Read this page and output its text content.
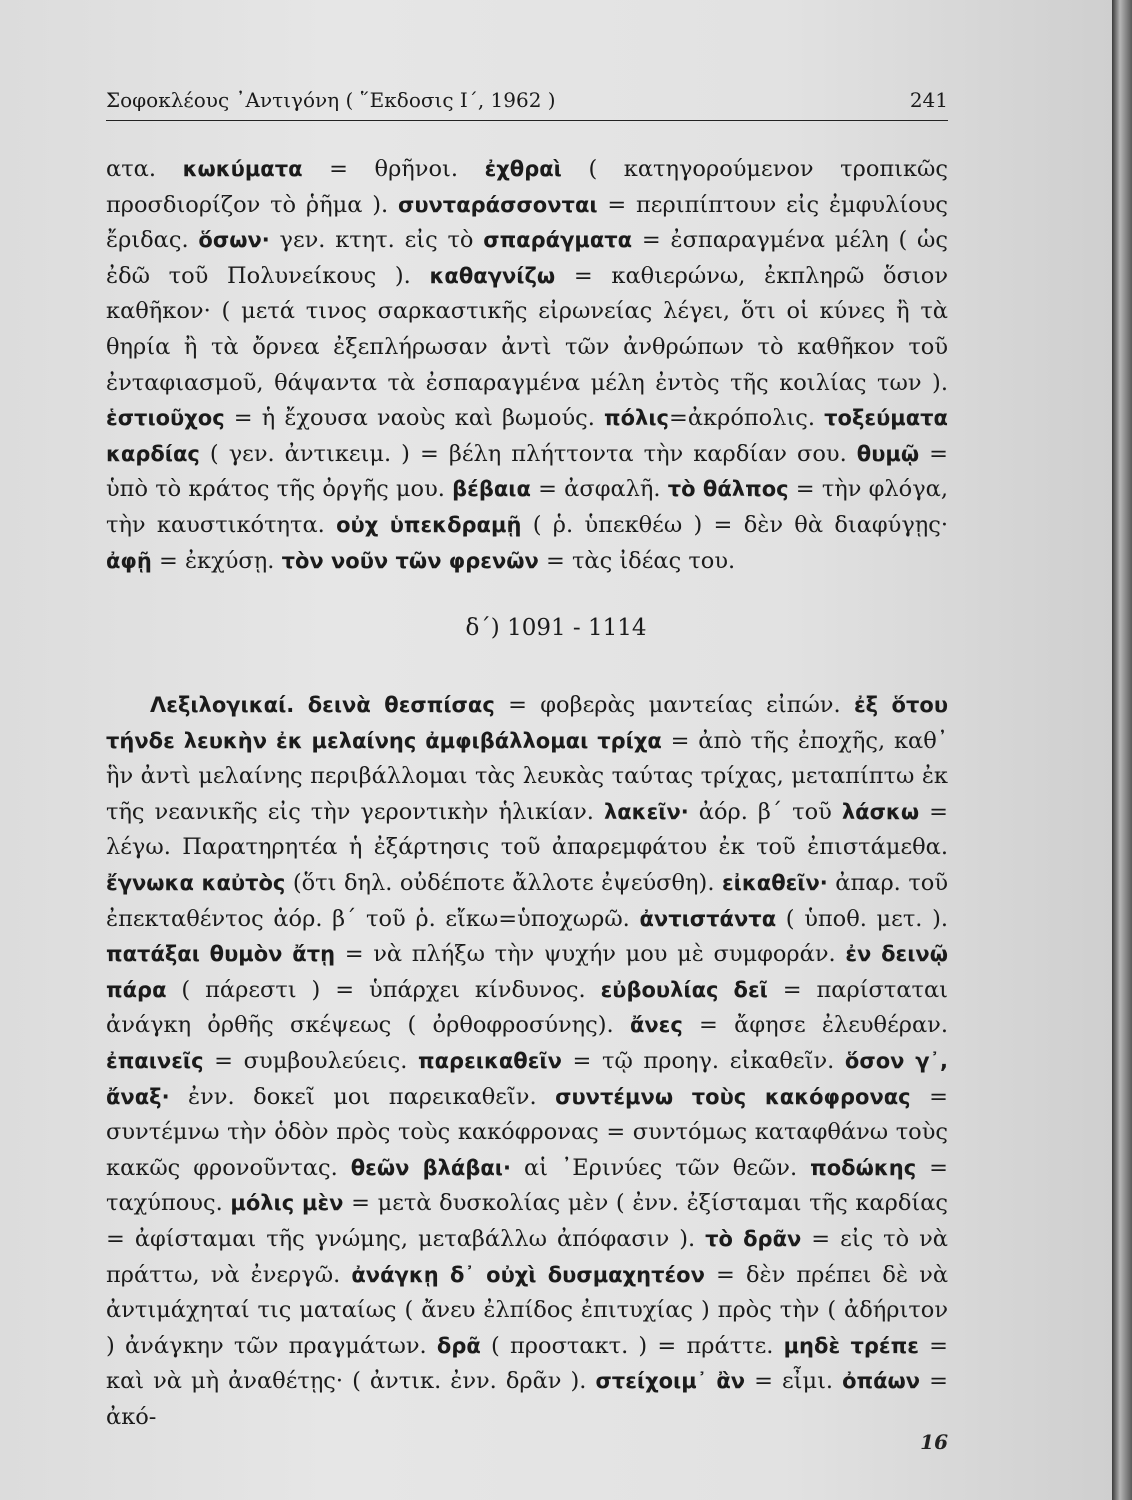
Σοφοκλέους ᾽Αντιγόνη ( ῞Εκδοσις Ι΄, 1962 )	241
ατα. κωκύματα = θρῆνοι. ἐχθραὶ ( κατηγορούμενον τροπικῶς προσδιορίζον τὸ ῥῆμα ). συνταράσσονται = περιπίπτουν εἰς ἐμφυλίους ἔριδας. ὅσων· γεν. κτητ. εἰς τὸ σπαράγματα = ἐσπαραγμένα μέλη ( ὡς ἐδῶ τοῦ Πολυνείκους ). καθαγνίζω = καθιερώνω, ἐκπληρῶ ὅσιον καθῆκον· ( μετά τινος σαρκαστικῆς εἰρωνείας λέγει, ὅτι οἱ κύνες ἢ τὰ θηρία ἢ τὰ ὄρνεα ἐξεπλήρωσαν ἀντὶ τῶν ἀνθρώπων τὸ καθῆκον τοῦ ἐνταφιασμοῦ, θάψαντα τὰ ἐσπαραγμένα μέλη ἐντὸς τῆς κοιλίας των ). ἑστιοῦχος = ἡ ἔχουσα ναοὺς καὶ βωμούς. πόλις=ἀκρόπολις. τοξεύματα καρδίας ( γεν. ἀντικειμ. ) = βέλη πλήττοντα τὴν καρδίαν σου. θυμῷ = ὑπὸ τὸ κράτος τῆς ὀργῆς μου. βέβαια = ἀσφαλῆ. τὸ θάλπος = τὴν φλόγα, τὴν καυστικότητα. οὐχ ὑπεκδραμῇ ( ῥ. ὑπεκθέω ) = δὲν θὰ διαφύγῃς· ἀφῇ = ἐκχύσῃ. τὸν νοῦν τῶν φρενῶν = τὰς ἰδέας του.
δ΄) 1091 - 1114
Λεξιλογικαί. δεινὰ θεσπίσας = φοβερὰς μαντείας εἰπών. ἐξ ὅτου τήνδε λευκὴν ἐκ μελαίνης ἀμφιβάλλομαι τρίχα = ἀπὸ τῆς ἐποχῆς, καθ᾽ ἣν ἀντὶ μελαίνης περιβάλλομαι τὰς λευκὰς ταύτας τρίχας, μεταπίπτω ἐκ τῆς νεανικῆς εἰς τὴν γεροντικὴν ἡλικίαν. λακεῖν· ἀόρ. β΄ τοῦ λάσκω = λέγω. Παρατηρητέα ἡ ἐξάρτησις τοῦ ἀπαρεμφάτου ἐκ τοῦ ἐπιστάμεθα. ἔγνωκα καὐτὸς (ὅτι δηλ. οὐδέποτε ἄλλοτε ἐψεύσθη). εἰκαθεῖν· ἀπαρ. τοῦ ἐπεκταθέντος ἀόρ. β΄ τοῦ ῥ. εἴκω=ὑποχωρῶ. ἀντιστάντα ( ὑποθ. μετ. ). πατάξαι θυμὸν ἄτῃ = νὰ πλήξω τὴν ψυχήν μου μὲ συμφοράν. ἐν δεινῷ πάρα ( πάρεστι ) = ὑπάρχει κίνδυνος. εὐβουλίας δεῖ = παρίσταται ἀνάγκη ὀρθῆς σκέψεως ( ὀρθοφροσύνης). ἄνες = ἄφησε ἐλευθέραν. ἐπαινεῖς = συμβουλεύεις. παρεικαθεῖν = τῷ προηγ. εἰκαθεῖν. ὅσον γ᾽, ἄναξ· ἐνν. δοκεῖ μοι παρεικαθεῖν. συντέμνω τοὺς κακόφρονας = συντέμνω τὴν ὁδὸν πρὸς τοὺς κακόφρονας = συντόμως καταφθάνω τοὺς κακῶς φρονοῦντας. θεῶν βλάβαι· αἱ ᾽Ερινύες τῶν θεῶν. ποδώκης = ταχύπους. μόλις μὲν = μετὰ δυσκολίας μὲν ( ἐνν. ἐξίσταμαι τῆς καρδίας = ἀφίσταμαι τῆς γνώμης, μεταβάλλω ἀπόφασιν ). τὸ δρᾶν = εἰς τὸ νὰ πράττω, νὰ ἐνεργῶ. ἀνάγκῃ δ᾽ οὐχὶ δυσμαχητέον = δὲν πρέπει δὲ νὰ ἀντιμάχηταί τις ματαίως ( ἄνευ ἐλπίδος ἐπιτυχίας ) πρὸς τὴν ( ἀδήριτον ) ἀνάγκην τῶν πραγμάτων. δρᾶ ( προστακτ. ) = πράττε. μηδὲ τρέπε = καὶ νὰ μὴ ἀναθέτῃς· ( ἀντικ. ἐνν. δρᾶν ). στείχοιμ᾽ ἂν = εἶμι. ὀπάων = ἀκό-
16
